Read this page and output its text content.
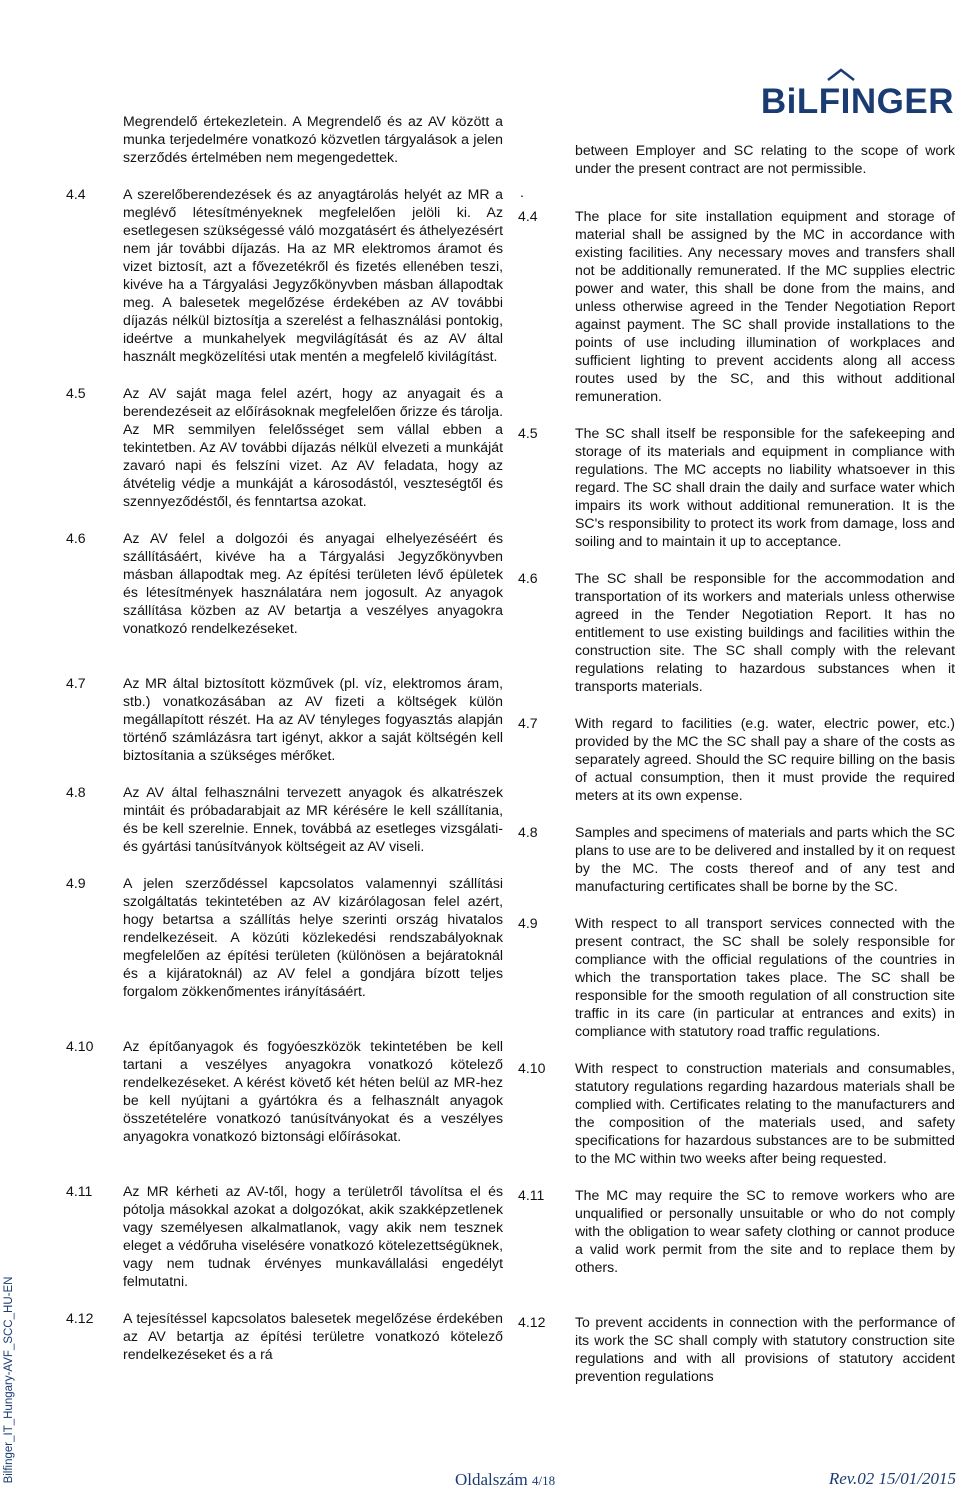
BiLFINGER
Bilfinger_IT_Hungary-AVF_SCC_HU-EN
Megrendelő értekezletein. A Megrendelő és az AV között a munka terjedelmére vonatkozó közvetlen tárgyalások a jelen szerződés értelmében nem megengedettek.
4.4	A szerelőberendezések és az anyagtárolás helyét az MR a meglévő létesítményeknek megfelelően jelöli ki. Az esetlegesen szükségessé váló mozgatásért és áthelyezésért nem jár további díjazás. Ha az MR elektromos áramot és vizet biztosít, azt a fővezetékről és fizetés ellenében teszi, kivéve ha a Tárgyalási Jegyzőkönyvben másban állapodtak meg. A balesetek megelőzése érdekében az AV további díjazás nélkül biztosítja a szerelést a felhasználási pontokig, ideértve a munkahelyek megvilágítását és az AV által használt megközelítési utak mentén a megfelelő kivilágítást.
4.5	Az AV saját maga felel azért, hogy az anyagait és a berendezéseit az előírásoknak megfelelően őrizze és tárolja. Az MR semmilyen felelősséget sem vállal ebben a tekintetben. Az AV további díjazás nélkül elvezeti a munkáját zavaró napi és felszíni vizet. Az AV feladata, hogy az átvételig védje a munkáját a károsodástól, veszteségtől és szennyeződéstől, és fenntartsa azokat.
4.6	Az AV felel a dolgozói és anyagai elhelyezéséért és szállításáért, kivéve ha a Tárgyalási Jegyzőkönyvben másban állapodtak meg. Az építési területen lévő épületek és létesítmények használatára nem jogosult. Az anyagok szállítása közben az AV betartja a veszélyes anyagokra vonatkozó rendelkezéseket.
4.7	Az MR által biztosított közművek (pl. víz, elektromos áram, stb.) vonatkozásában az AV fizeti a költségek külön megállapított részét. Ha az AV tényleges fogyasztás alapján történő számlázásra tart igényt, akkor a saját költségén kell biztosítania a szükséges mérőket.
4.8	Az AV által felhasználni tervezett anyagok és alkatrészek mintáit és próbadarabjait az MR kérésére le kell szállítania, és be kell szerelnie. Ennek, továbbá az esetleges vizsgálati- és gyártási tanúsítványok költségeit az AV viseli.
4.9	A jelen szerződéssel kapcsolatos valamennyi szállítási szolgáltatás tekintetében az AV kizárólagosan felel azért, hogy betartsa a szállítás helye szerinti ország hivatalos rendelkezéseit. A közúti közlekedési rendszabályoknak megfelelően az építési területen (különösen a bejáratoknál és a kijáratoknál) az AV felel a gondjára bízott teljes forgalom zökkenőmentes irányításáért.
4.10	Az építőanyagok és fogyóeszközök tekintetében be kell tartani a veszélyes anyagokra vonatkozó kötelező rendelkezéseket. A kérést követő két héten belül az MR-hez be kell nyújtani a gyártókra és a felhasznált anyagok összetételére vonatkozó tanúsítványokat és a veszélyes anyagokra vonatkozó biztonsági előírásokat.
4.11	Az MR kérheti az AV-től, hogy a területről távolítsa el és pótolja másokkal azokat a dolgozókat, akik szakképzetlenek vagy személyesen alkalmatlanok, vagy akik nem tesznek eleget a védőruha viselésére vonatkozó kötelezettségüknek, vagy nem tudnak érvényes munkavállalási engedélyt felmutatni.
4.12	A tejesítéssel kapcsolatos balesetek megelőzése érdekében az AV betartja az építési területre vonatkozó kötelező rendelkezéseket és a rá
between Employer and SC relating to the scope of work under the present contract are not permissible.
.
4.4	The place for site installation equipment and storage of material shall be assigned by the MC in accordance with existing facilities. Any necessary moves and transfers shall not be additionally remunerated. If the MC supplies electric power and water, this shall be done from the mains, and unless otherwise agreed in the Tender Negotiation Report against payment. The SC shall provide installations to the points of use including illumination of workplaces and sufficient lighting to prevent accidents along all access routes used by the SC, and this without additional remuneration.
4.5	The SC shall itself be responsible for the safekeeping and storage of its materials and equipment in compliance with regulations. The MC accepts no liability whatsoever in this regard. The SC shall drain the daily and surface water which impairs its work without additional remuneration. It is the SC's responsibility to protect its work from damage, loss and soiling and to maintain it up to acceptance.
4.6	The SC shall be responsible for the accommodation and transportation of its workers and materials unless otherwise agreed in the Tender Negotiation Report. It has no entitlement to use existing buildings and facilities within the construction site. The SC shall comply with the relevant regulations relating to hazardous substances when it transports materials.
4.7	With regard to facilities (e.g. water, electric power, etc.) provided by the MC the SC shall pay a share of the costs as separately agreed. Should the SC require billing on the basis of actual consumption, then it must provide the required meters at its own expense.
4.8	Samples and specimens of materials and parts which the SC plans to use are to be delivered and installed by it on request by the MC. The costs thereof and of any test and manufacturing certificates shall be borne by the SC.
4.9	With respect to all transport services connected with the present contract, the SC shall be solely responsible for compliance with the official regulations of the countries in which the transportation takes place. The SC shall be responsible for the smooth regulation of all construction site traffic in its care (in particular at entrances and exits) in compliance with statutory road traffic regulations.
4.10	With respect to construction materials and consumables, statutory regulations regarding hazardous materials shall be complied with. Certificates relating to the manufacturers and the composition of the materials used, and safety specifications for hazardous substances are to be submitted to the MC within two weeks after being requested.
4.11	The MC may require the SC to remove workers who are unqualified or personally unsuitable or who do not comply with the obligation to wear safety clothing or cannot produce a valid work permit from the site and to replace them by others.
4.12	To prevent accidents in connection with the performance of its work the SC shall comply with statutory construction site regulations and with all provisions of statutory accident prevention regulations
Oldalszám 4/18	Rev.02 15/01/2015
